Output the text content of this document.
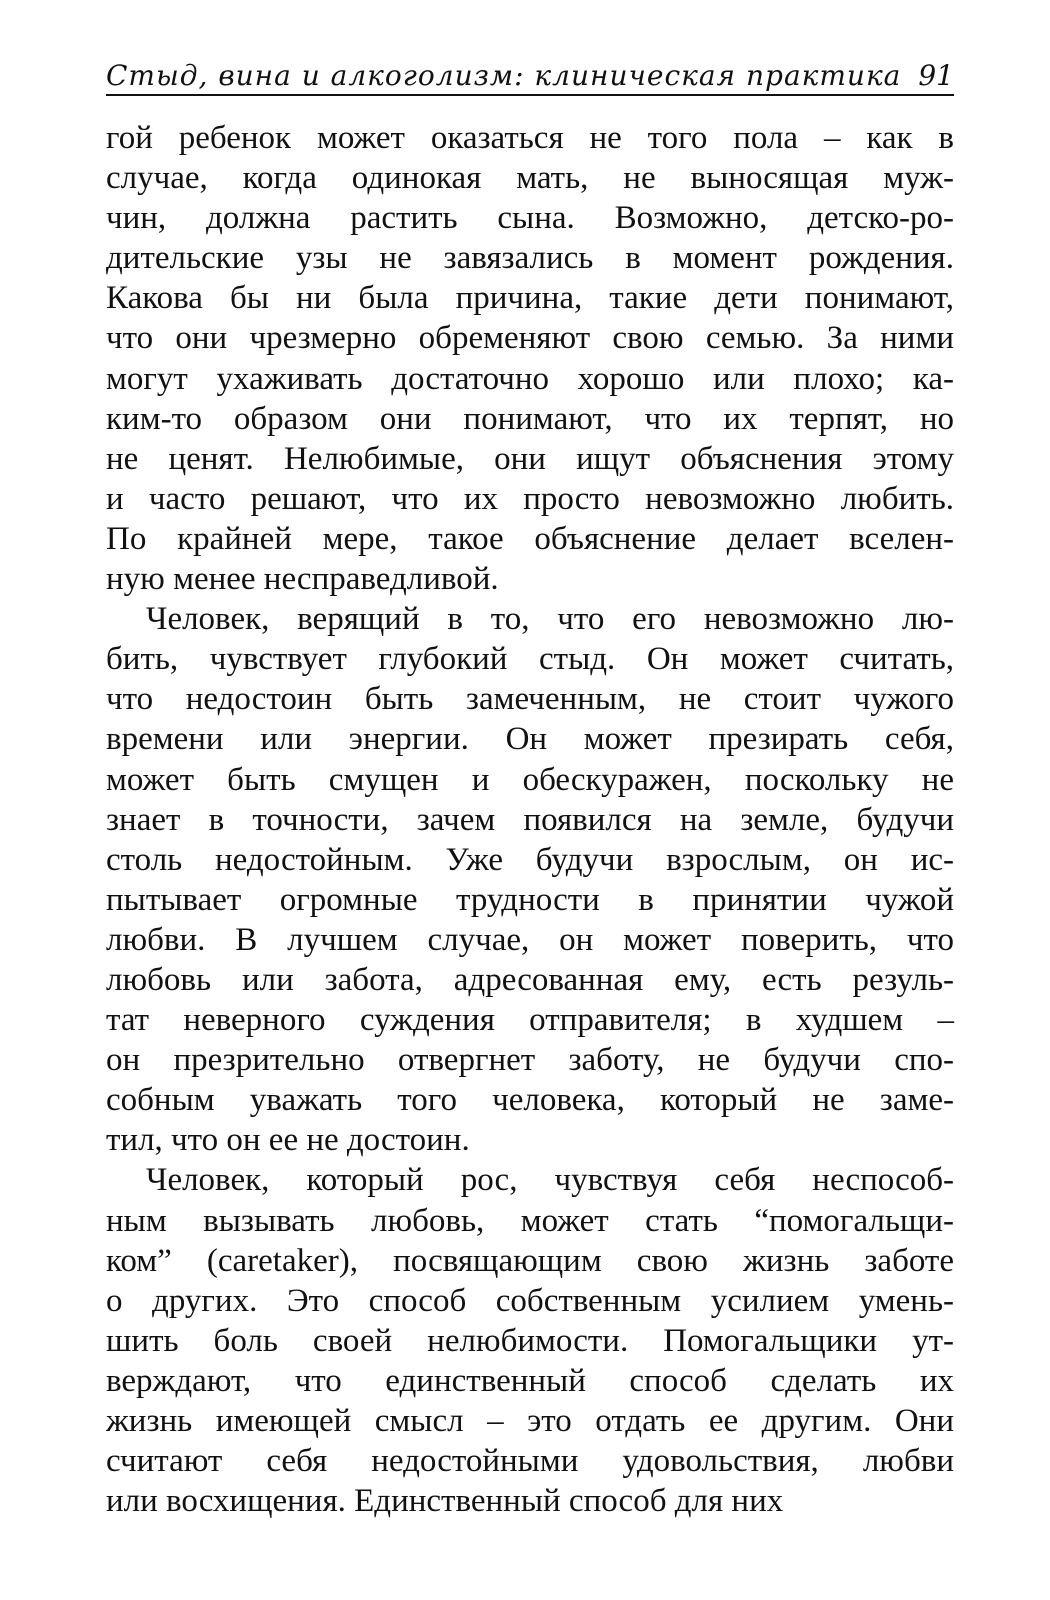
Стыд, вина и алкоголизм: клиническая практика 91
гой ребенок может оказаться не того пола – как в
случае, когда одинокая мать, не выносящая муж-
чин, должна растить сына. Возможно, детско-ро-
дительские узы не завязались в момент рождения.
Какова бы ни была причина, такие дети понимают,
что они чрезмерно обременяют свою семью. За ними
могут ухаживать достаточно хорошо или плохо; ка-
ким-то образом они понимают, что их терпят, но
не ценят. Нелюбимые, они ищут объяснения этому
и часто решают, что их просто невозможно любить.
По крайней мере, такое объяснение делает вселен-
ную менее несправедливой.
Человек, верящий в то, что его невозможно лю-
бить, чувствует глубокий стыд. Он может считать,
что недостоин быть замеченным, не стоит чужого
времени или энергии. Он может презирать себя,
может быть смущен и обескуражен, поскольку не
знает в точности, зачем появился на земле, будучи
столь недостойным. Уже будучи взрослым, он ис-
пытывает огромные трудности в принятии чужой
любви. В лучшем случае, он может поверить, что
любовь или забота, адресованная ему, есть резуль-
тат неверного суждения отправителя; в худшем –
он презрительно отвергнет заботу, не будучи спо-
собным уважать того человека, который не заме-
тил, что он ее не достоин.
Человек, который рос, чувствуя себя неспособ-
ным вызывать любовь, может стать “помогальщи-
ком” (caretaker), посвящающим свою жизнь заботе
о других. Это способ собственным усилием умень-
шить боль своей нелюбимости. Помогальщики ут-
верждают, что единственный способ сделать их
жизнь имеющей смысл – это отдать ее другим. Они
считают себя недостойными удовольствия, любви
или восхищения. Единственный способ для них
